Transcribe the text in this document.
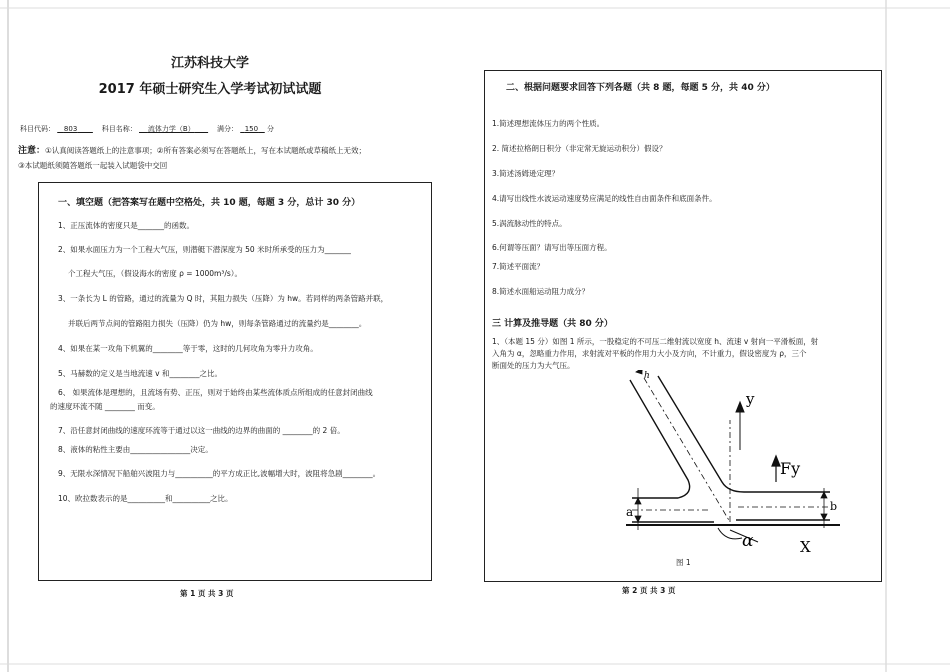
江苏科技大学
2017 年硕士研究生入学考试初试试题
科目代码： 803	科目名称： 流体力学（B）	满分： 150 分
注意：①认真阅读答题纸上的注意事项；②所有答案必须写在答题纸上，写在本试题纸或草稿纸上无效；
③本试题纸须随答题纸一起装入试题袋中交回
一、填空题（把答案写在题中空格处，共 10 题，每题 3 分，总计 30 分）
1、正压流体的密度只是_______的函数。
2、如果水面压力为一个工程大气压，则潜艇下潜深度为 50 米时所承受的压力为_______
个工程大气压，（假设海水的密度 ρ = 1000m³/s）。
3、一条长为 L 的管路，通过的流量为 Q 时，其阻力损失（压降）为 hw。若同样的两条管路并联，
并联后两节点间的管路阻力损失（压降）仍为 hw，则每条管路通过的流量约是________。
4、如果在某一攻角下机翼的________等于零，这时的几何攻角为零升力攻角。
5、马赫数的定义是当地流速 v 和________之比。
6、 如果流体是理想的，且流场有势、正压，则对于始终由某些流体质点所组成的任意封闭曲线
的速度环流不随 ________ 而变。
7、沿任意封闭曲线的速度环流等于通过以这一曲线的边界的曲面的 ________的 2 倍。
8、液体的粘性主要由________________决定。
9、无限水深情况下船舶兴波阻力与__________的平方成正比,波幅增大时，波阻将急剧________。
10、欧拉数表示的是__________和__________之比。
第 1 页 共 3 页
二、根据问题要求回答下列各题（共 8 题，每题 5 分，共 40 分）
1.简述理想流体压力的两个性质。
2. 简述拉格朗日积分（非定常无旋运动积分）假设？
3.简述汤姆逊定理？
4.请写出线性水波运动速度势应满足的线性自由面条件和底面条件。
5.涡流脉动性的特点。
6.何谓等压面？请写出等压面方程。
7.简述平面流？
8.简述水面船运动阻力成分？
三 计算及推导题（共 80 分）
1、（本题 15 分）如图 1 所示，一股稳定的不可压二维射流以宽度 h、流速 v 射向一平滑板面，射
入角为 α，忽略重力作用，求射流对平板的作用力大小及方向，不计重力，假设密度为 ρ，三个
断面处的压力为大气压。
h
y
Fy
a	b
α	X
图 1
第 2 页 共 3 页
